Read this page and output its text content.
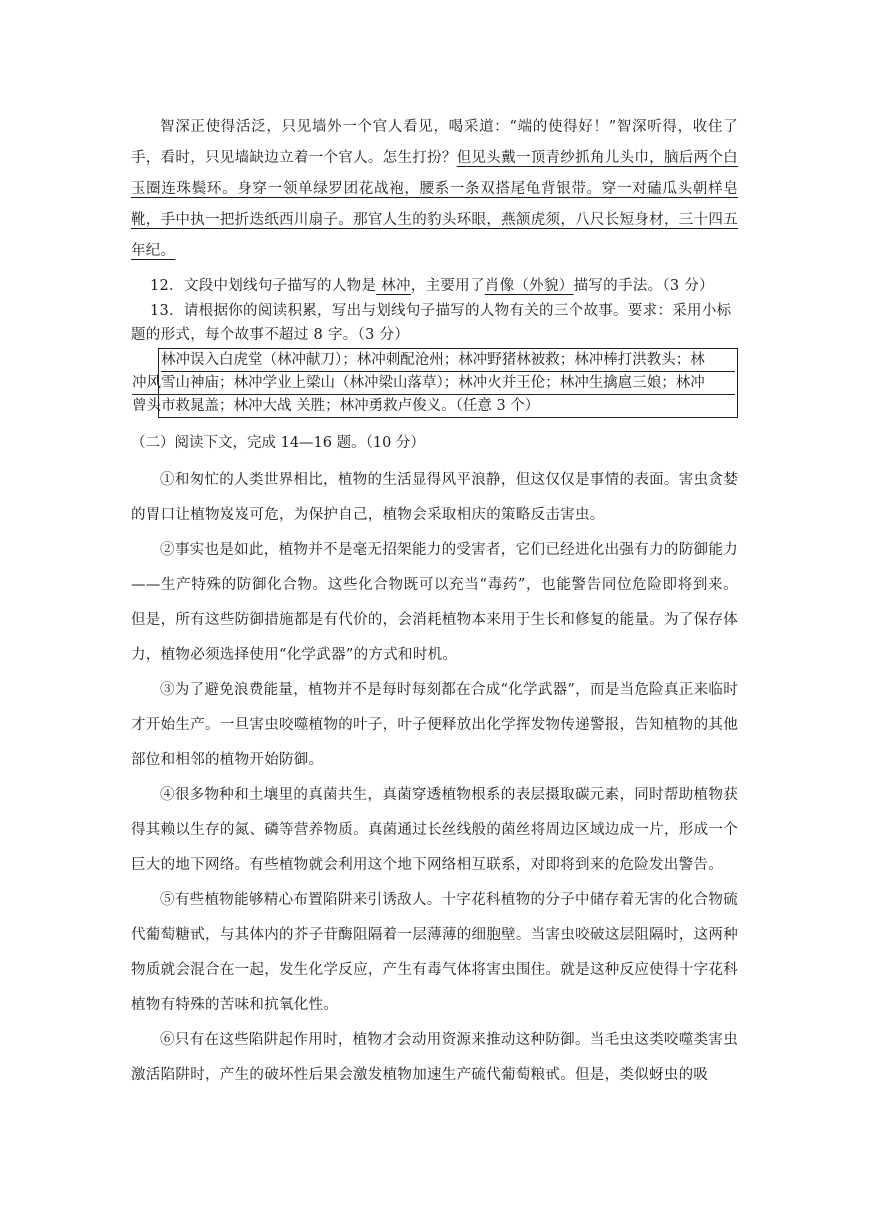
智深正使得活泛，只见墙外一个官人看见，喝采道：“端的使得好！”智深听得，收住了手，看时，只见墙缺边立着一个官人。怎生打扮？但见头戴一顶青纱抓角儿头巾，脑后两个白玉圈连珠鬓环。身穿一领单绿罗团花战袍，腰系一条双搭尾龟背银带。穿一对磕瓜头朝样皂靴，手中执一把折迭纸西川扇子。那官人生的豹头环眼，燕颔虎须，八尺长短身材，三十四五年纪。

12．文段中划线句子描写的人物是 林冲，主要用了肖像（外貌）描写的手法。（3 分）

13．请根据你的阅读积累，写出与划线句子描写的人物有关的三个故事。要求：采用小标题的形式，每个故事不超过 8 字。（3 分）

林冲误入白虎堂（林冲献刀）；林冲刺配沧州；林冲野猪林被救；林冲棒打洪教头；林

冲风雪山神庙；林冲学业上梁山（林冲梁山落草）；林冲火并王伦；林冲生擒扈三娘；林冲

曾头市救晁盖；林冲大战 关胜；林冲勇救卢俊义。（任意 3 个）

（二）阅读下文，完成 14—16 题。（10 分）

①和匆忙的人类世界相比，植物的生活显得风平浪静，但这仅仅是事情的表面。害虫贪婪的胃口让植物岌岌可危，为保护自己，植物会采取相庆的策略反击害虫。

②事实也是如此，植物并不是毫无招架能力的受害者，它们已经进化出强有力的防御能力——生产特殊的防御化合物。这些化合物既可以充当“毒药”，也能警告同位危险即将到来。但是，所有这些防御措施都是有代价的，会消耗植物本来用于生长和修复的能量。为了保存体力，植物必须选择使用“化学武器”的方式和时机。

③为了避免浪费能量，植物并不是每时每刻都在合成“化学武器”，而是当危险真正来临时才开始生产。一旦害虫咬噬植物的叶子，叶子便释放出化学挥发物传递警报，告知植物的其他部位和相邻的植物开始防御。

④很多物种和土壤里的真菌共生，真菌穿透植物根系的表层摄取碳元素，同时帮助植物获得其赖以生存的氮、磷等营养物质。真菌通过长丝线般的菌丝将周边区域边成一片，形成一个巨大的地下网络。有些植物就会利用这个地下网络相互联系，对即将到来的危险发出警告。

⑤有些植物能够精心布置陷阱来引诱敌人。十字花科植物的分子中储存着无害的化合物硫代葡萄糖甙，与其体内的芥子苷酶阻隔着一层薄薄的细胞壁。当害虫咬破这层阻隔时，这两种物质就会混合在一起，发生化学反应，产生有毒气体将害虫围住。就是这种反应使得十字花科植物有特殊的苦味和抗氧化性。

⑥只有在这些陷阱起作用时，植物才会动用资源来推动这种防御。当毛虫这类咬噬类害虫激活陷阱时，产生的破坏性后果会激发植物加速生产硫代葡萄粮甙。但是，类似蚜虫的吸
